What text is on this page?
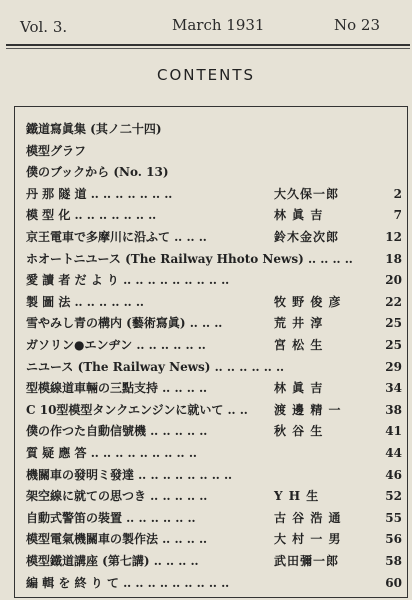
Vol. 3.	March 1931	No 23
CONTENTS
鐵道寫眞集 (其ノ二十四)
模型グラフ
僕のブックから (No. 13)
丹 那 隧 道 ‥ ‥ ‥ ‥ ‥ ‥ ‥	大久保一郎	2
模 型 化 ‥ ‥ ‥ ‥ ‥ ‥ ‥	林 眞 吉	7
京王電車で多摩川に沿ふて ‥ ‥ ‥	鈴木金次郎	12
ホオートニユース (The Railway Hhoto News) ‥ ‥ ‥ ‥	18
愛 讀 者 だ よ り ‥ ‥ ‥ ‥ ‥ ‥ ‥ ‥ ‥	20
製 圖 法 ‥ ‥ ‥ ‥ ‥ ‥	牧 野 俊 彦	22
雪やみし青の構内 (藝術寫眞) ‥ ‥ ‥	荒 井 淳	25
ガソリン●エンヂン ‥ ‥ ‥ ‥ ‥ ‥	宮 松 生	25
ニユース (The Railway News) ‥ ‥ ‥ ‥ ‥ ‥	29
型模線道車輛の三點支持 ‥ ‥ ‥ ‥	林 眞 吉	34
C 10型模型タンクエンジンに就いて ‥ ‥ 渡 邊 精 一	38
僕の作つた自動信號機 ‥ ‥ ‥ ‥ ‥	秋 谷 生	41
質 疑 應 答 ‥ ‥ ‥ ‥ ‥ ‥ ‥ ‥ ‥	44
機關車の發明ミ發達 ‥ ‥ ‥ ‥ ‥ ‥ ‥ ‥	46
架空線に就ての思つき ‥ ‥ ‥ ‥ ‥	Y H 生	52
自動式警笛の裝置 ‥ ‥ ‥ ‥ ‥ ‥	古 谷 浩 通	55
模型電氣機關車の製作法 ‥ ‥ ‥ ‥	大 村 一 男	56
模型鐵道講座 (第七講) ‥ ‥ ‥ ‥	武田彌一郎	58
編 輯 を 終 り て ‥ ‥ ‥ ‥ ‥ ‥ ‥ ‥ ‥	60
